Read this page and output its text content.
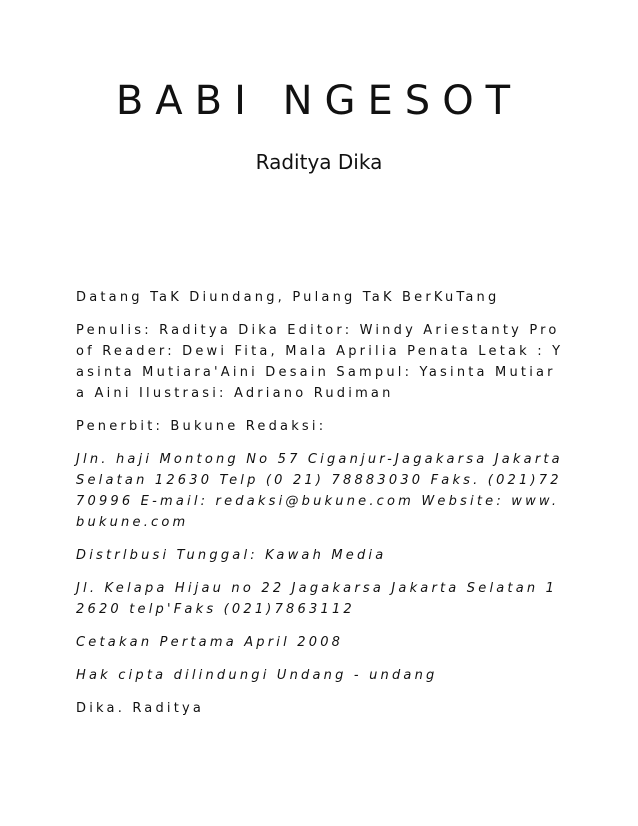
BABI NGESOT
Raditya Dika

Datang TaK Diundang, Pulang TaK BerKuTang

Penulis: Raditya Dika Editor: Windy Ariestanty Proof Reader: Dewi Fita, Mala Aprilia Penata Letak : Yasinta Mutiara'Aini Desain Sampul: Yasinta Mutiara Aini Ilustrasi: Adriano Rudiman

Penerbit: Bukune Redaksi:

Jln. haji Montong No 57 Ciganjur-Jagakarsa Jakarta Selatan 12630 Telp (0 21) 78883030 Faks. (021)7270996 E-mail: redaksi@bukune.com Website: www.bukune.com

Distrlbusi Tunggal: Kawah Media

Jl. Kelapa Hijau no 22 Jagakarsa Jakarta Selatan 12620 telp'Faks (021)7863112

Cetakan Pertama April 2008

Hak cipta dilindungi Undang - undang

Dika. Raditya
